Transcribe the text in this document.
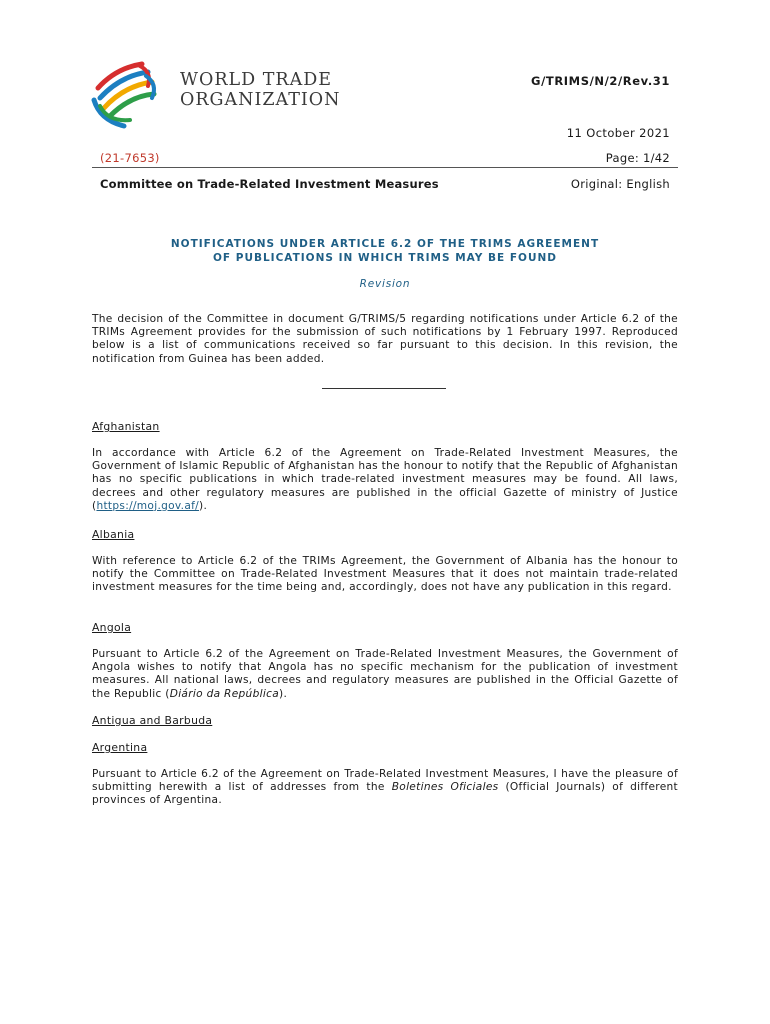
WORLD TRADE
ORGANIZATION
G/TRIMS/N/2/Rev.31
11 October 2021
(21-7653)	Page: 1/42
Committee on Trade-Related Investment Measures	Original: English
NOTIFICATIONS UNDER ARTICLE 6.2 OF THE TRIMS AGREEMENT
OF PUBLICATIONS IN WHICH TRIMS MAY BE FOUND
Revision
The decision of the Committee in document G/TRIMS/5 regarding notifications under Article 6.2 of the TRIMs Agreement provides for the submission of such notifications by 1 February 1997. Reproduced below is a list of communications received so far pursuant to this decision. In this revision, the notification from Guinea has been added.
Afghanistan
In accordance with Article 6.2 of the Agreement on Trade-Related Investment Measures, the Government of Islamic Republic of Afghanistan has the honour to notify that the Republic of Afghanistan has no specific publications in which trade-related investment measures may be found. All laws, decrees and other regulatory measures are published in the official Gazette of ministry of Justice (https://moj.gov.af/).
Albania
With reference to Article 6.2 of the TRIMs Agreement, the Government of Albania has the honour to notify the Committee on Trade-Related Investment Measures that it does not maintain trade-related investment measures for the time being and, accordingly, does not have any publication in this regard.
Angola
Pursuant to Article 6.2 of the Agreement on Trade-Related Investment Measures, the Government of Angola wishes to notify that Angola has no specific mechanism for the publication of investment measures. All national laws, decrees and regulatory measures are published in the Official Gazette of the Republic (Diário da República).
Antigua and Barbuda
Argentina
Pursuant to Article 6.2 of the Agreement on Trade-Related Investment Measures, I have the pleasure of submitting herewith a list of addresses from the Boletines Oficiales (Official Journals) of different provinces of Argentina.
